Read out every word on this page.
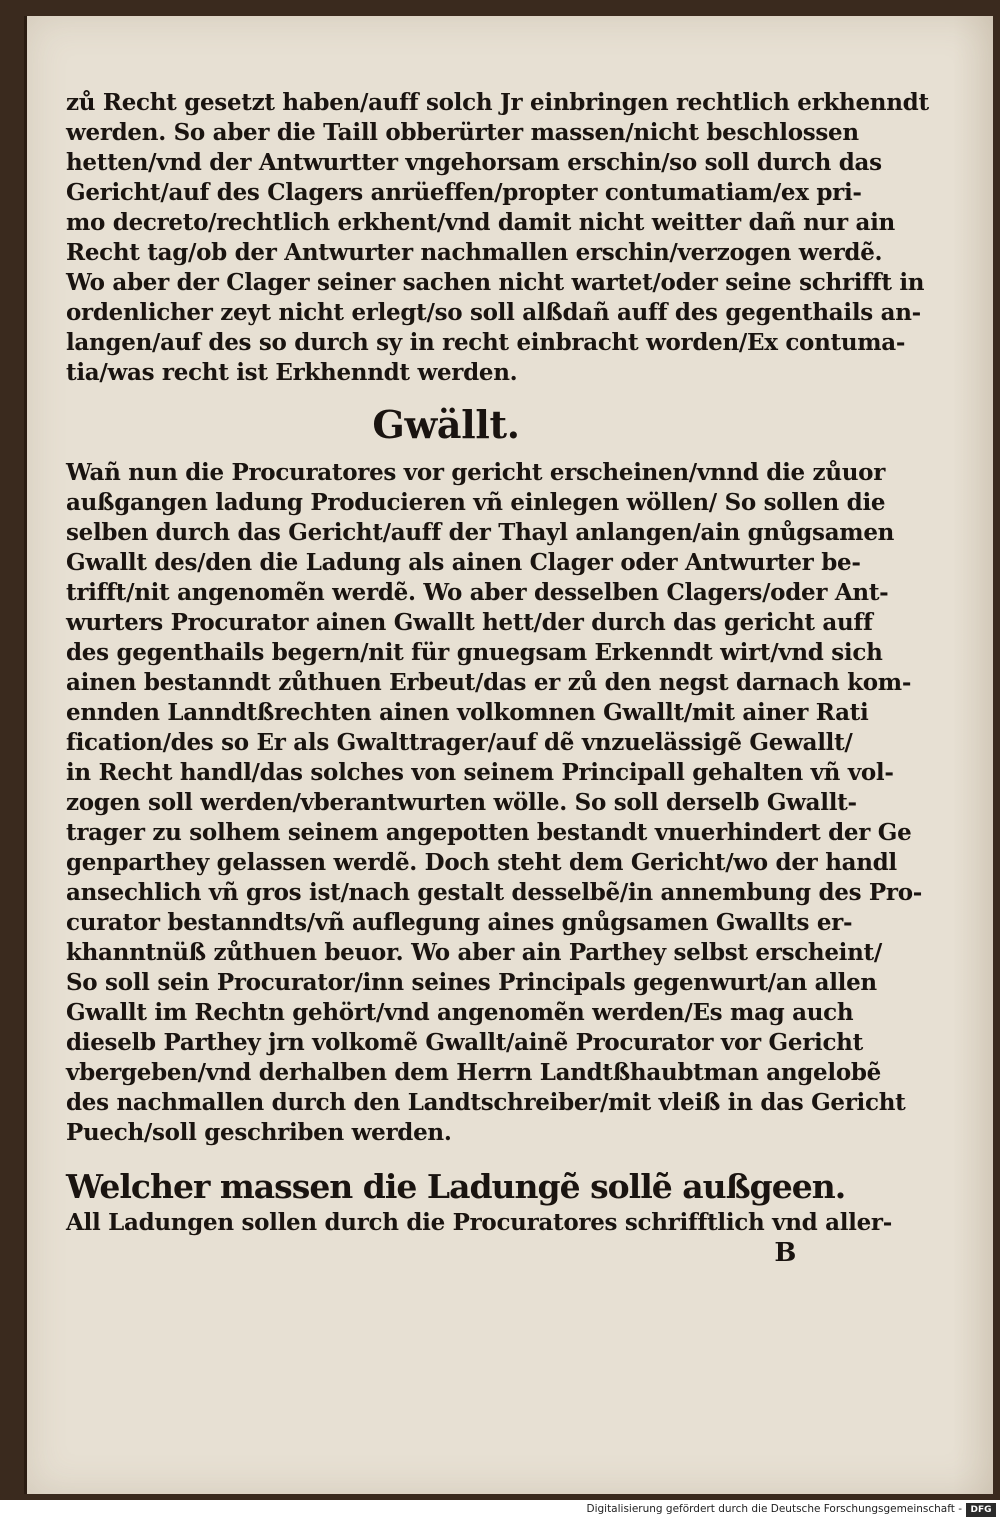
zů Recht gesetzt haben/auff solch Jr einbringen rechtlich erkhenndt
werden. So aber die Taill obberürter massen/nicht beschlossen
hetten/vnd der Antwurtter vngehorsam erschin/so soll durch das
Gericht/auf des Clagers anrüeffen/propter contumatiam/ex pri-
mo decreto/rechtlich erkhent/vnd damit nicht weitter dañ nur ain
Recht tag/ob der Antwurter nachmallen erschin/verzogen werdẽ.
Wo aber der Clager seiner sachen nicht wartet/oder seine schrifft in
ordenlicher zeyt nicht erlegt/so soll alßdañ auff des gegenthails an-
langen/auf des so durch sy in recht einbracht worden/Ex contuma-
tia/was recht ist Erkhenndt werden.
Gwällt.
Wañ nun die Procuratores vor gericht erscheinen/vnnd die zůuor
außgangen ladung Producieren vñ einlegen wöllen/ So sollen die
selben durch das Gericht/auff der Thayl anlangen/ain gnůgsamen
Gwallt des/den die Ladung als ainen Clager oder Antwurter be-
trifft/nit angenomẽn werdẽ. Wo aber desselben Clagers/oder Ant-
wurters Procurator ainen Gwallt hett/der durch das gericht auff
des gegenthails begern/nit für gnuegsam Erkenndt wirt/vnd sich
ainen bestanndt zůthuen Erbeut/das er zů den negst darnach kom-
ennden Lanndtßrechten ainen volkomnen Gwallt/mit ainer Rati
fication/des so Er als Gwalttrager/auf dẽ vnzuelässigẽ Gewallt/
in Recht handl/das solches von seinem Principall gehalten vñ vol-
zogen soll werden/vberantwurten wölle. So soll derselb Gwallt-
trager zu solhem seinem angepotten bestandt vnuerhindert der Ge
genparthey gelassen werdẽ. Doch steht dem Gericht/wo der handl
ansechlich vñ gros ist/nach gestalt desselbẽ/in annembung des Pro-
curator bestanndts/vñ auflegung aines gnůgsamen Gwallts er-
khanntnüß zůthuen beuor. Wo aber ain Parthey selbst erscheint/
So soll sein Procurator/inn seines Principals gegenwurt/an allen
Gwallt im Rechtn gehört/vnd angenomẽn werden/Es mag auch
dieselb Parthey jrn volkomẽ Gwallt/ainẽ Procurator vor Gericht
vbergeben/vnd derhalben dem Herrn Landtßhaubtman angelobẽ
des nachmallen durch den Landtschreiber/mit vleiß in das Gericht
Puech/soll geschriben werden.
Welcher massen die Ladungẽ sollẽ außgeen.
All Ladungen sollen durch die Procuratores schrifftlich vnd aller-
B
Digitalisierung gefördert durch die Deutsche Forschungsgemeinschaft - DFG
